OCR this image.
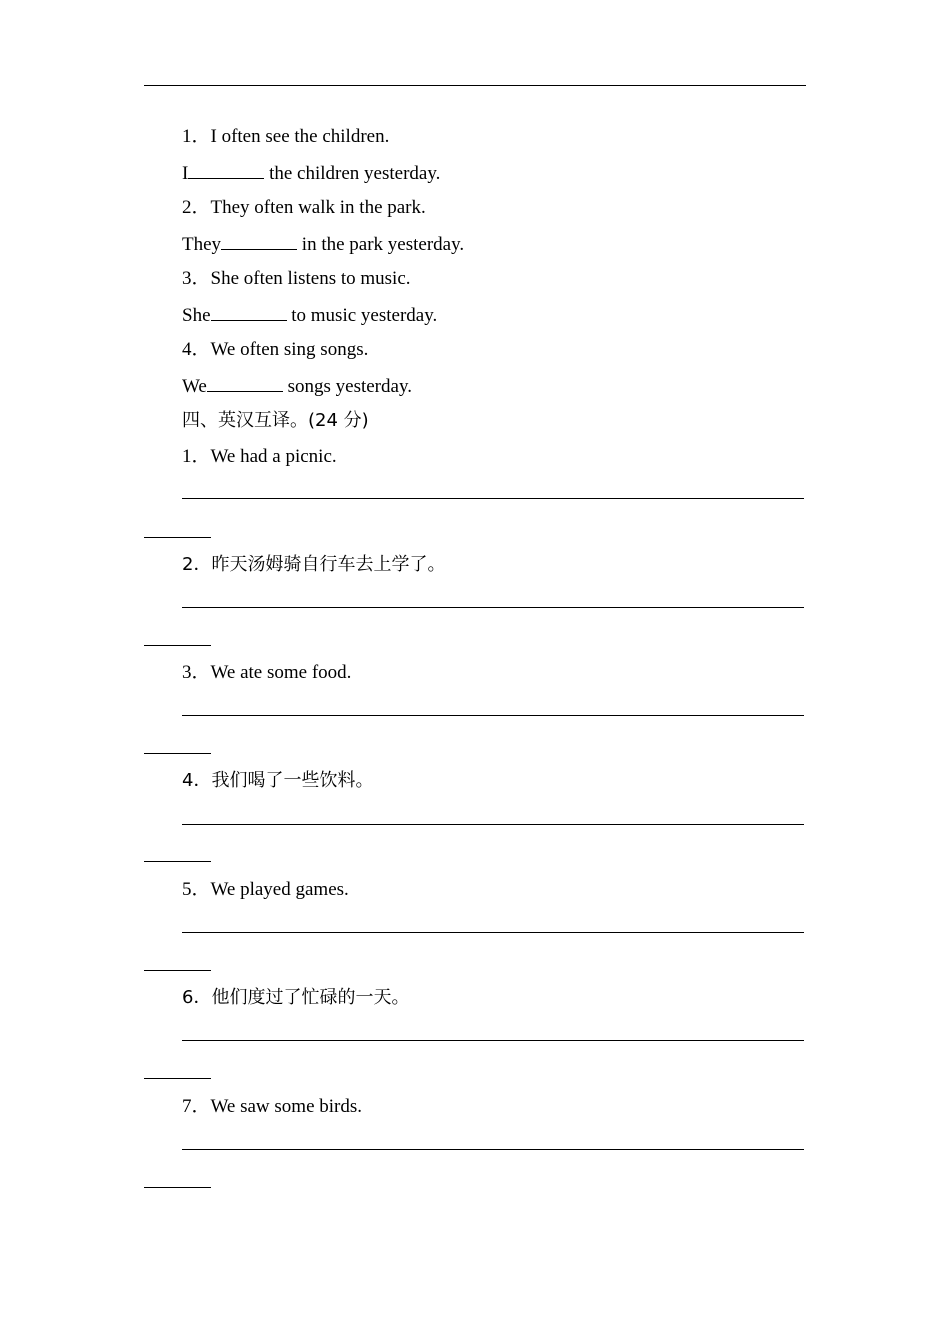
1．I often see the children.
I	the children yesterday.
2．They often walk in the park.
They	in the park yesterday.
3．She often listens to music.
She	to music yesterday.
4．We often sing songs.
We	songs yesterday.
四、英汉互译。(24 分)
1．We had a picnic.
2．昨天汤姆骑自行车去上学了。
3．We ate some food.
4．我们喝了一些饮料。
5．We played games.
6．他们度过了忙碌的一天。
7．We saw some birds.
